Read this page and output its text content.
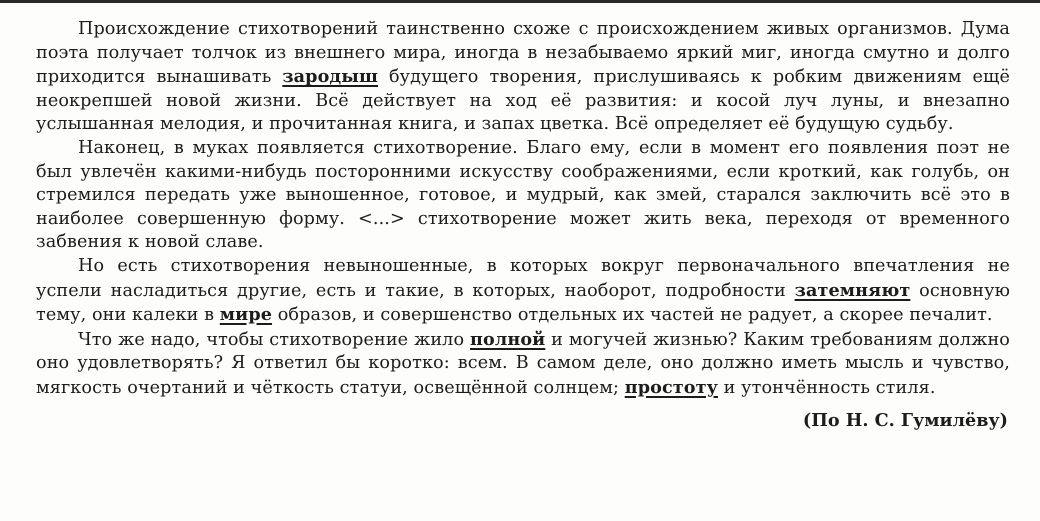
Происхождение стихотворений таинственно схоже с происхождением живых организмов. Дума поэта получает толчок из внешнего мира, иногда в незабываемо яркий миг, иногда смутно и долго приходится вынашивать зародыш будущего творения, прислушиваясь к робким движениям ещё неокрепшей новой жизни. Всё действует на ход её развития: и косой луч луны, и внезапно услышанная мелодия, и прочитанная книга, и запах цветка. Всё определяет её будущую судьбу.

Наконец, в муках появляется стихотворение. Благо ему, если в момент его появления поэт не был увлечён какими-нибудь посторонними искусству соображениями, если кроткий, как голубь, он стремился передать уже выношенное, готовое, и мудрый, как змей, старался заключить всё это в наиболее совершенную форму. <...> стихотворение может жить века, переходя от временного забвения к новой славе.

Но есть стихотворения невыношенные, в которых вокруг первоначального впечатления не успели насладиться другие, есть и такие, в которых, наоборот, подробности затемняют основную тему, они калеки в мире образов, и совершенство отдельных их частей не радует, а скорее печалит.

Что же надо, чтобы стихотворение жило полной и могучей жизнью? Каким требованиям должно оно удовлетворять? Я ответил бы коротко: всем. В самом деле, оно должно иметь мысль и чувство, мягкость очертаний и чёткость статуи, освещённой солнцем; простоту и утончённость стиля.

(По Н. С. Гумилёву)
